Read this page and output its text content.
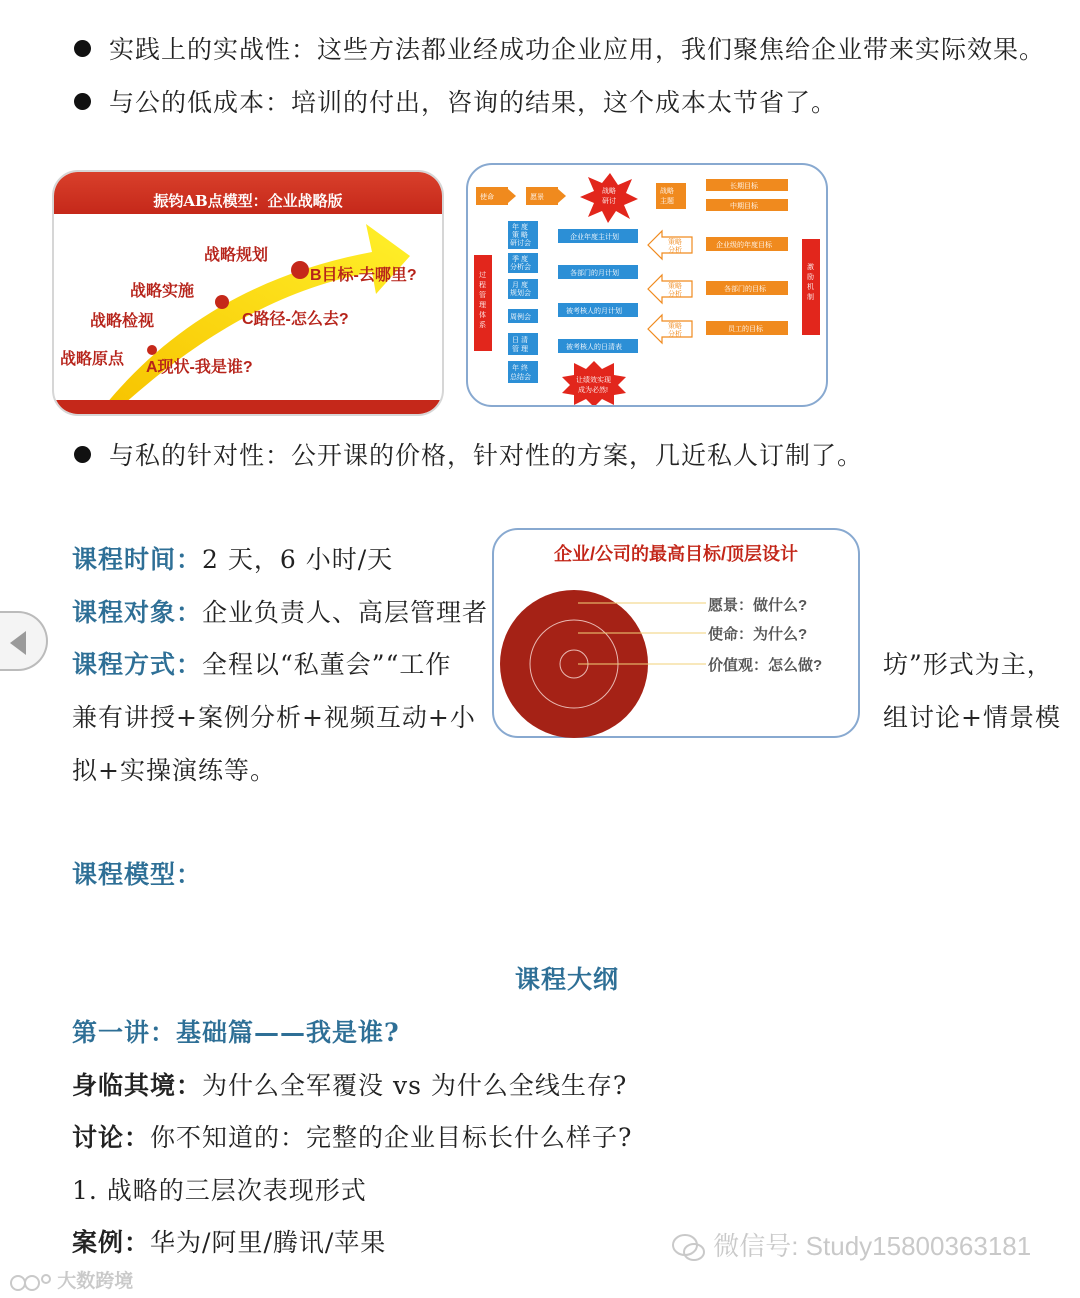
实践上的实战性：这些方法都业经成功企业应用，我们聚焦给企业带来实际效果。
与公的低成本：培训的付出，咨询的结果，这个成本太节省了。
振钧AB点模型：企业战略版
战略规划
战略实施
战略检视
战略原点
B目标-去哪里?
C路径-怎么去?
A现状-我是谁?
使命	愿景
战略
研讨
战略
主题
长期目标
中期目标
过
程
管
理
体
系
年 度
策 略
研讨会
季 度
分析会
月 度
规划会
周例会
日 清
管 理
年 终
总结会
企业年度主计划
各部门的月计划
被考核人的月计划
被考核人的日清表
策略
分析
策略
分析
策略
分析
企业级的年度目标
各部门的目标
员工的目标
激
励
机
制
让绩效实现
成为必然!
与私的针对性：公开课的价格，针对性的方案，几近私人订制了。
课程时间：2 天，6 小时/天
课程对象：企业负责人、高层管理者
课程方式：全程以“私董会”“工作	坊”形式为主，
兼有讲授+案例分析+视频互动+小	组讨论+情景模
拟+实操演练等。
企业/公司的最高目标/顶层设计
愿景：做什么?
使命：为什么?
价值观：怎么做?
课程模型：
课程大纲
第一讲：基础篇——我是谁?
身临其境：为什么全军覆没 vs 为什么全线生存?
讨论：你不知道的：完整的企业目标长什么样子?
1. 战略的三层次表现形式
案例：华为/阿里/腾讯/苹果	微信号: Study15800363181
大数跨境
